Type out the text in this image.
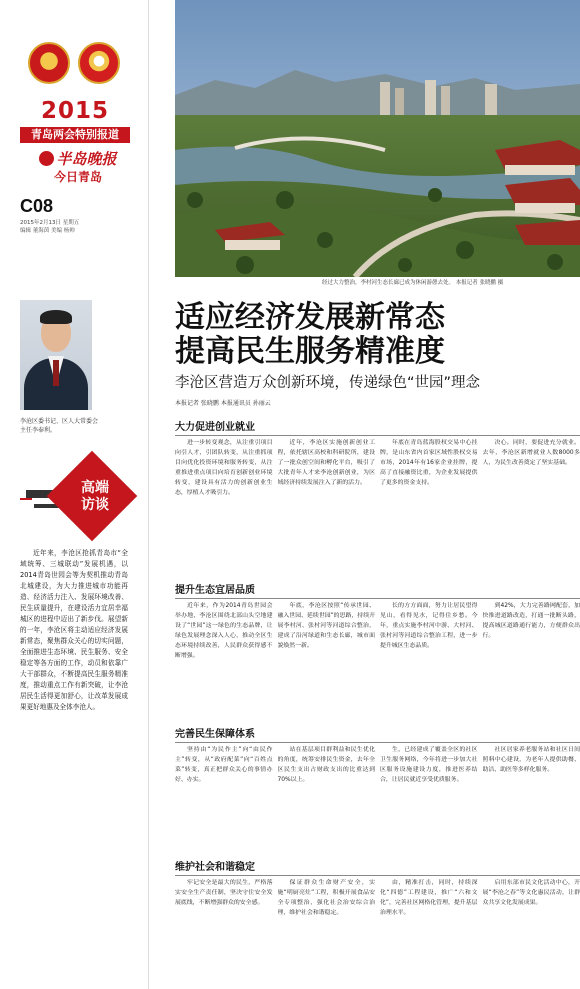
2015
青岛两会特别报道
半岛晚报
今日青岛
C08
2015年2月13日 星期五
编辑 董海茵 美编 杨帅
李沧区委书记、区人大常委会主任李奉利。
高端
访谈
近年来，李沧区抢抓青岛市“全域统筹、三城联动”发展机遇，以2014青岛世园会等为契机推动青岛北城建设，为大力推进城市功能再造、经济活力注入、发展环境改善、民生质量提升，在建设活力宜居幸福城区的进程中迈出了新步伐。展望新的一年，李沧区将主动适应经济发展新常态，聚焦群众关心的切实问题，全面推进生态环境、民生服务、安全稳定等各方面的工作，动员和依靠广大干部群众，不断提高民生服务精准度，推动重点工作有新突破，让李沧居民生活得更加舒心，让改革发展成果更好地惠及全体李沧人。
经过大力整治，李村河生态长廊已成为休闲游憩去处。 本报记者 张晓鹏 摄
适应经济发展新常态
提高民生服务精准度
李沧区营造万众创新环境，传递绿色“世园”理念
本报记者 张晓鹏 本报通讯员 孙丽云
大力促进创业就业
进一步转变观念，从注重引项目向引人才，引团队转变，从注重抓项目向优化投资环境和服务转变，从注重推进重点项目向培育创新创业环境转变，建设具有活力的创新创业生态，厚植人才吸引力。
近年，李沧区实施创新创业工程，依托辖区高校和科研院所，建设了一批众创空间和孵化平台，吸引了大批青年人才来李沧创新创业，为区域经济持续发展注入了新的活力。
年底在青岛蓝海股权交易中心挂牌，是山东省内首家区域性股权交易市场，2014年有16家企业挂牌，提高了直接融资比重，为企业发展提供了更多的资金支持。
决心。同时，要促进充分就业。去年，李沧区新增就业人数8000多人，为民生改善奠定了坚实基础。
提升生态宜居品质
近年来，作为2014青岛世园会举办地，李沧区围绕北部山头空地建设了“世园”这一绿色的生态品牌，让绿色发展理念深入人心，推动全区生态环境持续改善，人民群众获得感不断增强。
年底，李沧区按照“传承世园、融入世园、延续世园”的思路，持续开展李村河、张村河等河道综合整治，建成了沿河绿道和生态长廊，城市面貌焕然一新。
长的方方面面，努力让居民望得见山，看得见水，记得住乡愁。今年，重点实施李村河中游、大村河、张村河等河道综合整治工程，进一步提升城区生态品质。
到42%，大力完善路网配套，加快推进道路改造，打通一批断头路，提高城区道路通行能力，方便群众出行。
完善民生保障体系
坚持由“为民作主”向“由民作主”转变，从“政府配菜”向“百姓点菜”转变，真正把群众关心的事情办好、办实。
站在基层项目群利益和民生优化的角度，统筹安排民生资金，去年全区民生支出占财政支出的比重达到70%以上。
生，已经建成了覆盖全区的社区卫生服务网络，今年将进一步加大社区服务设施建设力度，推进医养结合，让居民就近享受优质服务。
社区居家养老服务站和社区日间照料中心建设，为老年人提供助餐、助洁、助医等多样化服务。
维护社会和谐稳定
牢记安全是最大的民生，严格落实安全生产责任制，坚决守住安全发展底线，不断增强群众的安全感。
保证群众生命财产安全，实施“明厨亮灶”工程，积极开展食品安全专项整治，强化社会治安综合治理，维护社会和谐稳定。
由，精准打击，同时，持续深化“四德”工程建设，推广“六和文化”，完善社区网格化管理，提升基层治理水平。
启用东部市民文化活动中心，开展“李沧之春”等文化惠民活动，让群众共享文化发展成果。
